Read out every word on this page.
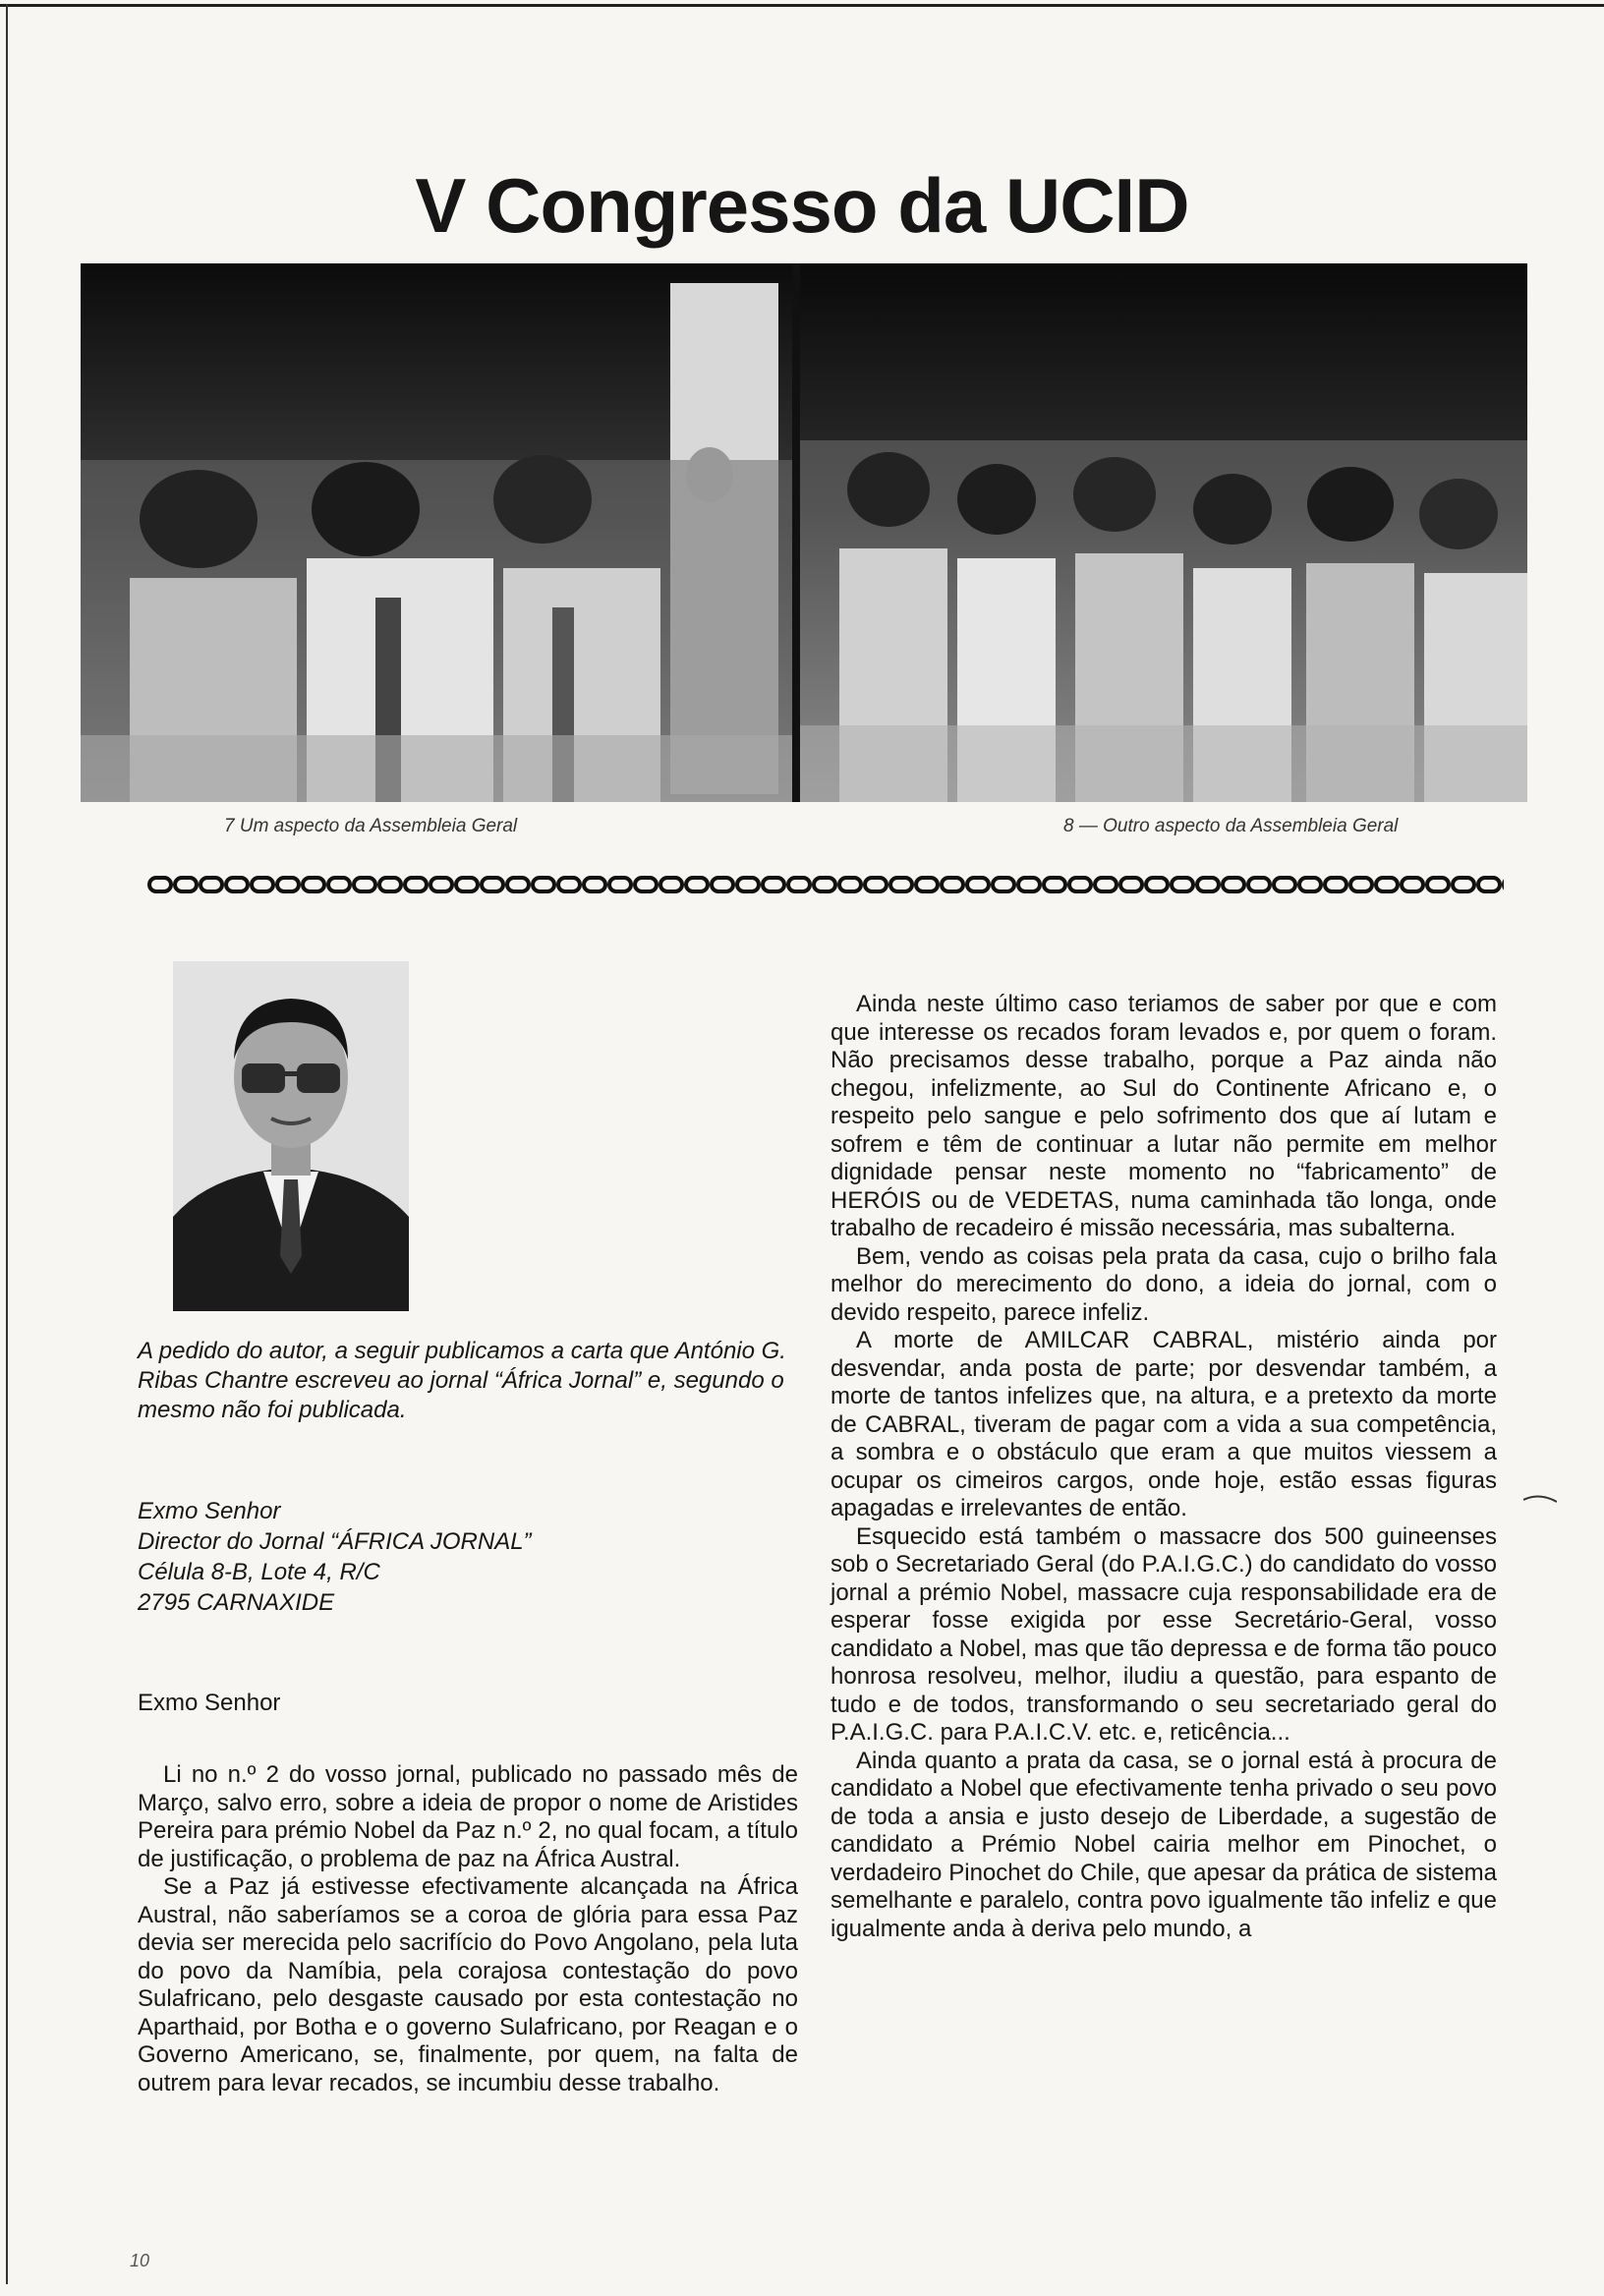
V Congresso da UCID
7 Um aspecto da Assembleia Geral	8 — Outro aspecto da Assembleia Geral

A pedido do autor, a seguir publicamos a carta que António G. Ribas Chantre escreveu ao jornal “África Jornal” e, segundo o mesmo não foi publicada.

Exmo Senhor
Director do Jornal “ÁFRICA JORNAL”
Célula 8-B, Lote 4, R/C
2795 CARNAXIDE
Exmo Senhor

Li no n.º 2 do vosso jornal, publicado no passado mês de Março, salvo erro, sobre a ideia de propor o nome de Aristides Pereira para prémio Nobel da Paz n.º 2, no qual focam, a título de justificação, o problema de paz na África Austral.

Se a Paz já estivesse efectivamente alcançada na África Austral, não saberíamos se a coroa de glória para essa Paz devia ser merecida pelo sacrifício do Povo Angolano, pela luta do povo da Namíbia, pela corajosa contestação do povo Sulafricano, pelo desgaste causado por esta contestação no Aparthaid, por Botha e o governo Sulafricano, por Reagan e o Governo Americano, se, finalmente, por quem, na falta de outrem para levar recados, se incumbiu desse trabalho.

Ainda neste último caso teriamos de saber por que e com que interesse os recados foram levados e, por quem o foram. Não precisamos desse trabalho, porque a Paz ainda não chegou, infelizmente, ao Sul do Continente Africano e, o respeito pelo sangue e pelo sofrimento dos que aí lutam e sofrem e têm de continuar a lutar não permite em melhor dignidade pensar neste momento no “fabricamento” de HERÓIS ou de VEDETAS, numa caminhada tão longa, onde trabalho de recadeiro é missão necessária, mas subalterna.

Bem, vendo as coisas pela prata da casa, cujo o brilho fala melhor do merecimento do dono, a ideia do jornal, com o devido respeito, parece infeliz.

A morte de AMILCAR CABRAL, mistério ainda por desvendar, anda posta de parte; por desvendar também, a morte de tantos infelizes que, na altura, e a pretexto da morte de CABRAL, tiveram de pagar com a vida a sua competência, a sombra e o obstáculo que eram a que muitos viessem a ocupar os cimeiros cargos, onde hoje, estão essas figuras apagadas e irrelevantes de então.

Esquecido está também o massacre dos 500 guineenses sob o Secretariado Geral (do P.A.I.G.C.) do candidato do vosso jornal a prémio Nobel, massacre cuja responsabilidade era de esperar fosse exigida por esse Secretário-Geral, vosso candidato a Nobel, mas que tão depressa e de forma tão pouco honrosa resolveu, melhor, iludiu a questão, para espanto de tudo e de todos, transformando o seu secretariado geral do P.A.I.G.C. para P.A.I.C.V. etc. e, reticência...

Ainda quanto a prata da casa, se o jornal está à procura de candidato a Nobel que efectivamente tenha privado o seu povo de toda a ansia e justo desejo de Liberdade, a sugestão de candidato a Prémio Nobel cairia melhor em Pinochet, o verdadeiro Pinochet do Chile, que apesar da prática de sistema semelhante e paralelo, contra povo igualmente tão infeliz e que igualmente anda à deriva pelo mundo, a

10
